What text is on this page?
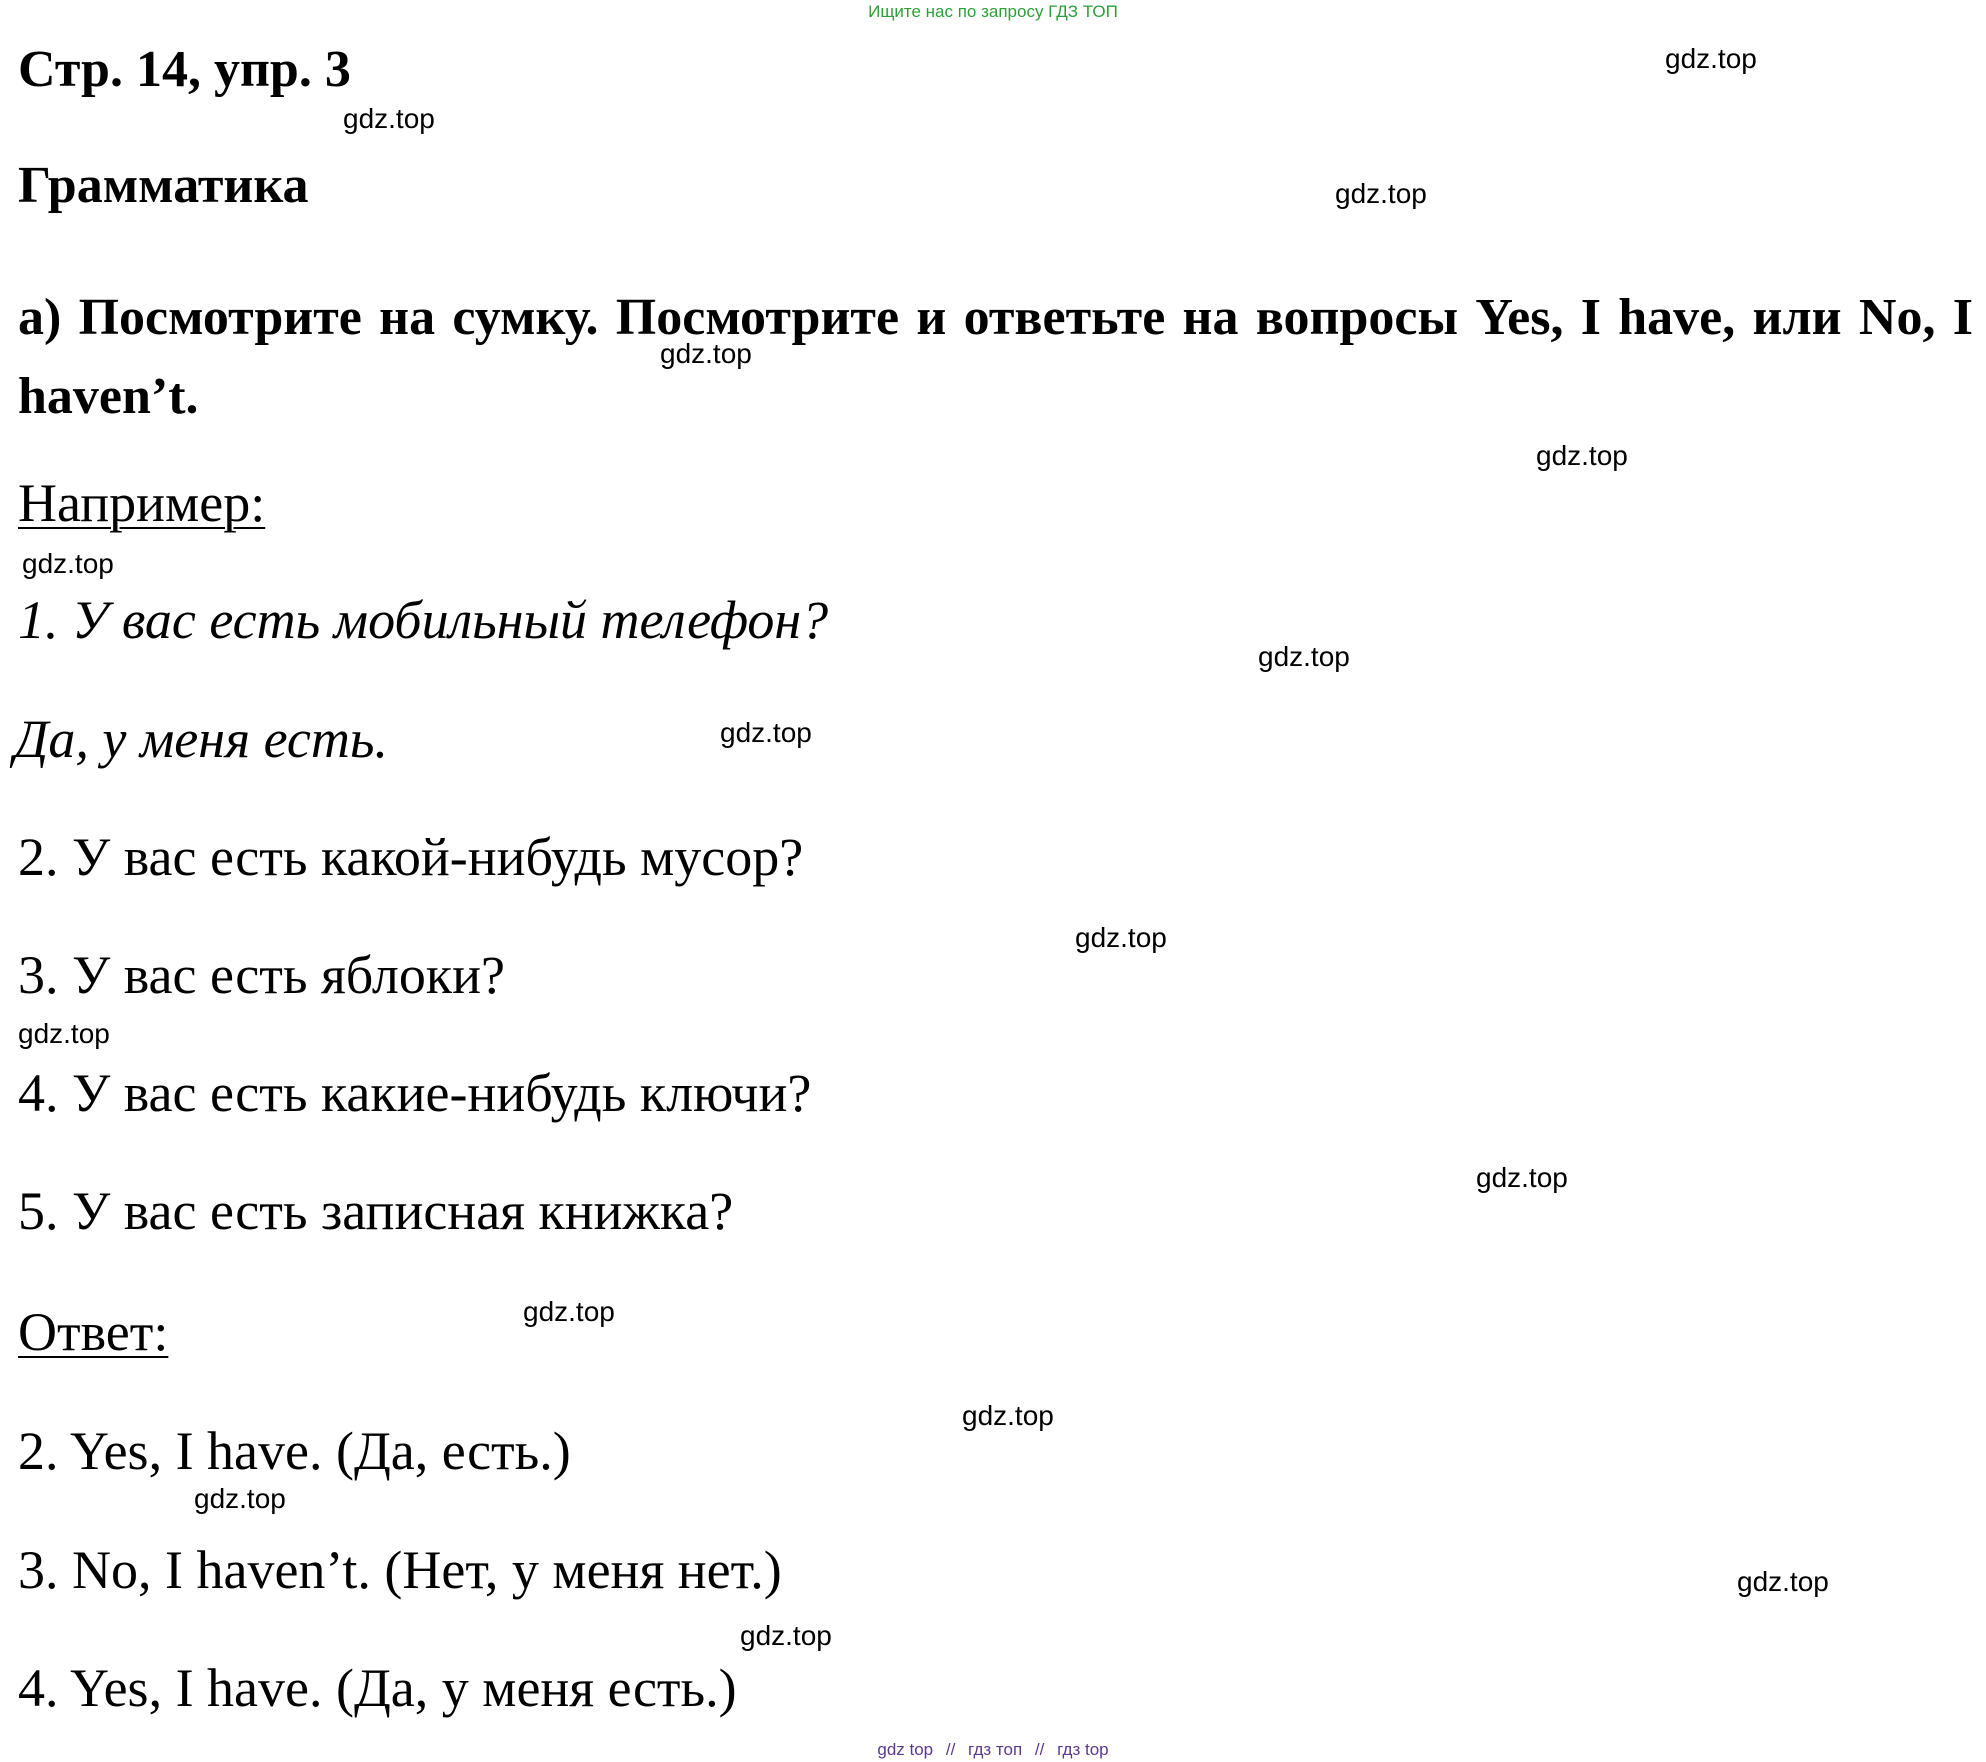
Ищите нас по запросу ГДЗ ТОП
Стр. 14, упр. 3
Грамматика
а) Посмотрите на сумку. Посмотрите и ответьте на вопросы Yes, I have, или No, I haven’t.
Например:
1. У вас есть мобильный телефон?
Да, у меня есть.
2. У вас есть какой-нибудь мусор?
3. У вас есть яблоки?
4. У вас есть какие-нибудь ключи?
5. У вас есть записная книжка?
Ответ:
2. Yes, I have. (Да, есть.)
3. No, I haven’t. (Нет, у меня нет.)
4. Yes, I have. (Да, у меня есть.)
gdz.top
gdz.top
gdz.top
gdz.top
gdz.top
gdz.top
gdz.top
gdz.top
gdz.top
gdz.top
gdz.top
gdz.top
gdz.top
gdz.top
gdz.top
gdz.top
gdz top // гдз топ // гдз top
